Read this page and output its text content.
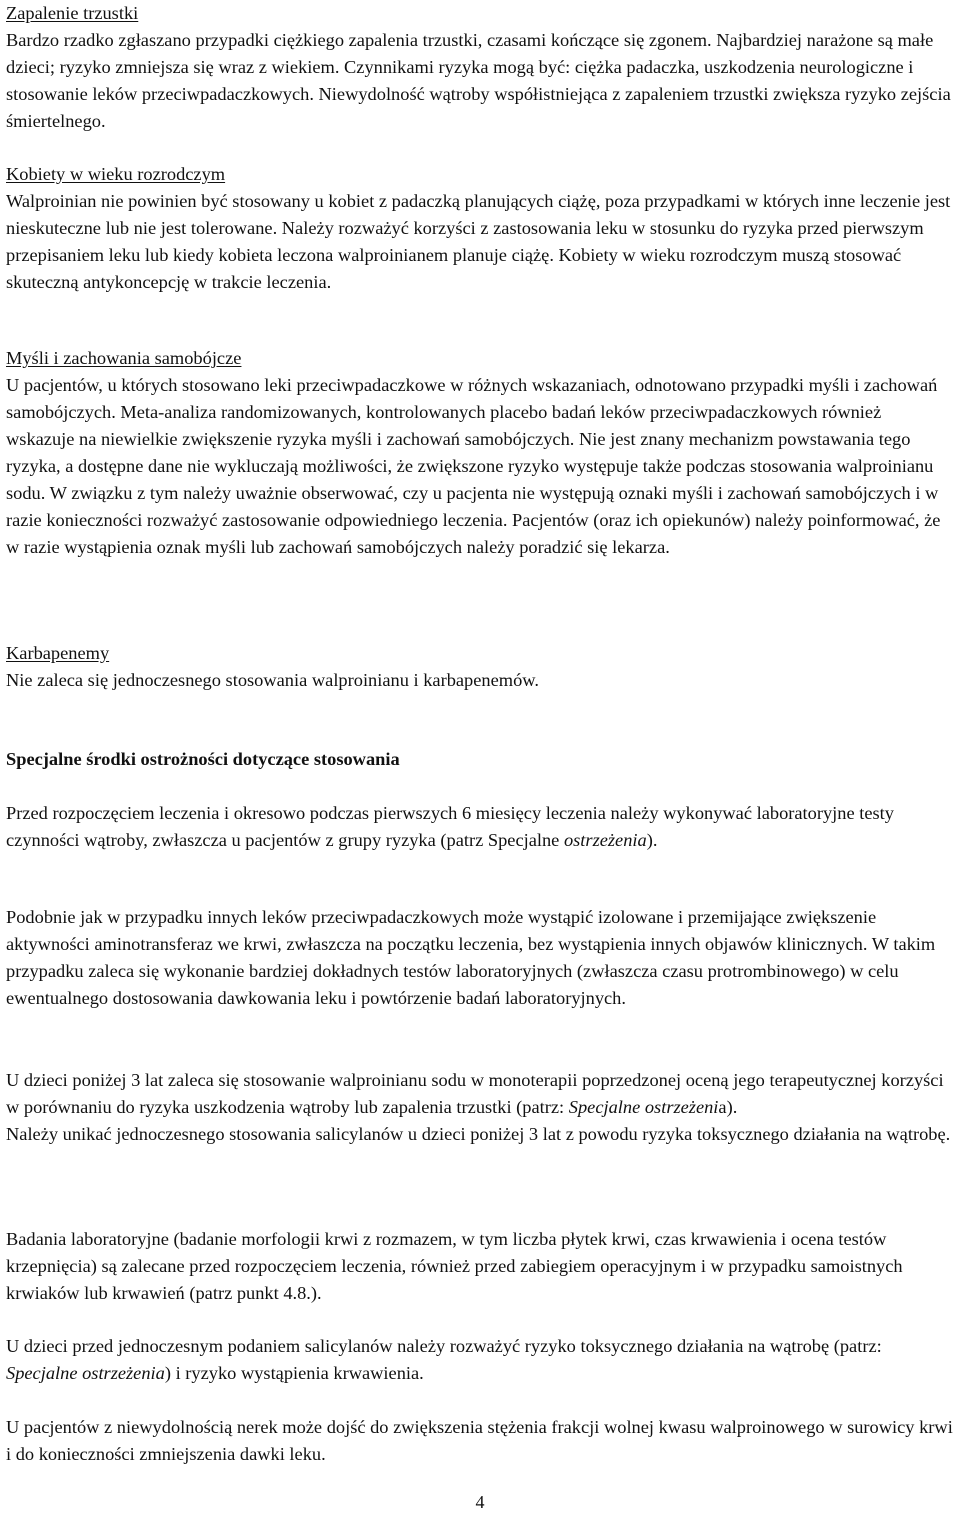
Zapalenie trzustki
Bardzo rzadko zgłaszano przypadki ciężkiego zapalenia trzustki, czasami kończące się zgonem. Najbardziej narażone są małe dzieci; ryzyko zmniejsza się wraz z wiekiem. Czynnikami ryzyka mogą być: ciężka padaczka, uszkodzenia neurologiczne i stosowanie leków przeciwpadaczkowych. Niewydolność wątroby współistniejąca z zapaleniem trzustki zwiększa ryzyko zejścia śmiertelnego.
Kobiety w wieku rozrodczym
Walproinian nie powinien być stosowany u kobiet z padaczką planujących ciążę, poza przypadkami w których inne leczenie jest nieskuteczne lub nie jest tolerowane. Należy rozważyć korzyści z zastosowania leku w stosunku do ryzyka przed pierwszym przepisaniem leku lub kiedy kobieta leczona walproinianem planuje ciążę. Kobiety w wieku rozrodczym muszą stosować skuteczną antykoncepcję w trakcie leczenia.
Myśli i zachowania samobójcze
U pacjentów, u których stosowano leki przeciwpadaczkowe w różnych wskazaniach, odnotowano przypadki myśli i zachowań samobójczych. Meta-analiza randomizowanych, kontrolowanych placebo badań leków przeciwpadaczkowych również wskazuje na niewielkie zwiększenie ryzyka myśli i zachowań samobójczych. Nie jest znany mechanizm powstawania tego ryzyka, a dostępne dane nie wykluczają możliwości, że zwiększone ryzyko występuje także podczas stosowania walproinianu sodu. W związku z tym należy uważnie obserwować, czy u pacjenta nie występują oznaki myśli i zachowań samobójczych i w razie konieczności rozważyć zastosowanie odpowiedniego leczenia. Pacjentów (oraz ich opiekunów) należy poinformować, że w razie wystąpienia oznak myśli lub zachowań samobójczych należy poradzić się lekarza.
Karbapenemy
Nie zaleca się jednoczesnego stosowania walproinianu i karbapenemów.
Specjalne środki ostrożności dotyczące stosowania
Przed rozpoczęciem leczenia i okresowo podczas pierwszych 6 miesięcy leczenia należy wykonywać laboratoryjne testy czynności wątroby, zwłaszcza u pacjentów z grupy ryzyka (patrz Specjalne ostrzeżenia).
Podobnie jak w przypadku innych leków przeciwpadaczkowych może wystąpić izolowane i przemijające zwiększenie aktywności aminotransferaz we krwi, zwłaszcza na początku leczenia, bez wystąpienia innych objawów klinicznych. W takim przypadku zaleca się wykonanie bardziej dokładnych testów laboratoryjnych (zwłaszcza czasu protrombinowego) w celu ewentualnego dostosowania dawkowania leku i powtórzenie badań laboratoryjnych.
U dzieci poniżej 3 lat zaleca się stosowanie walproinianu sodu w monoterapii poprzedzonej oceną jego terapeutycznej korzyści w porównaniu do ryzyka uszkodzenia wątroby lub zapalenia trzustki (patrz: Specjalne ostrzeżenia).
Należy unikać jednoczesnego stosowania salicylanów u dzieci poniżej 3 lat z powodu ryzyka toksycznego działania na wątrobę.
Badania laboratoryjne (badanie morfologii krwi z rozmazem, w tym liczba płytek krwi, czas krwawienia i ocena testów krzepnięcia) są zalecane przed rozpoczęciem leczenia, również przed zabiegiem operacyjnym i w przypadku samoistnych krwiaków lub krwawień (patrz punkt 4.8.).
U dzieci przed jednoczesnym podaniem salicylanów należy rozważyć ryzyko toksycznego działania na wątrobę (patrz: Specjalne ostrzeżenia) i ryzyko wystąpienia krwawienia.
U pacjentów z niewydolnością nerek może dojść do zwiększenia stężenia frakcji wolnej kwasu walproinowego w surowicy krwi i do konieczności zmniejszenia dawki leku.
4
